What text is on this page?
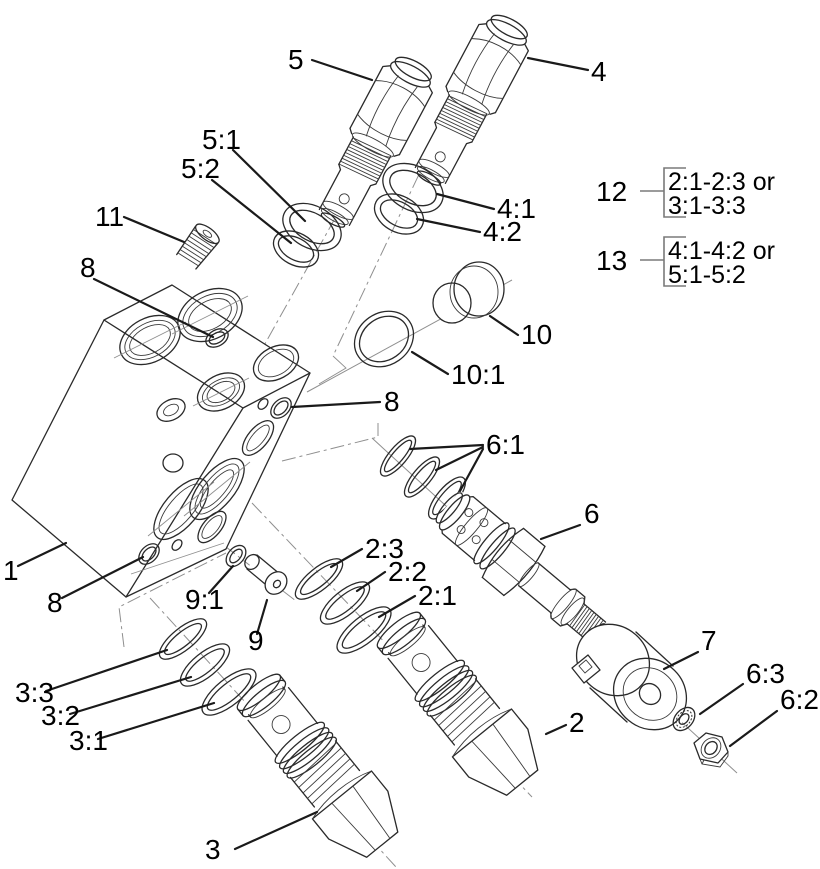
1
2
2:1
2:2
2:3
3
3:1
3:2
3:3
4
4:1
4:2
5
5:1
5:2
6
6:1
6:2
6:3
7
8
8
8
9
9:1
10
10:1
11
12 2:1-2:3 or
3:1-3:3
13 4:1-4:2 or
5:1-5:2
